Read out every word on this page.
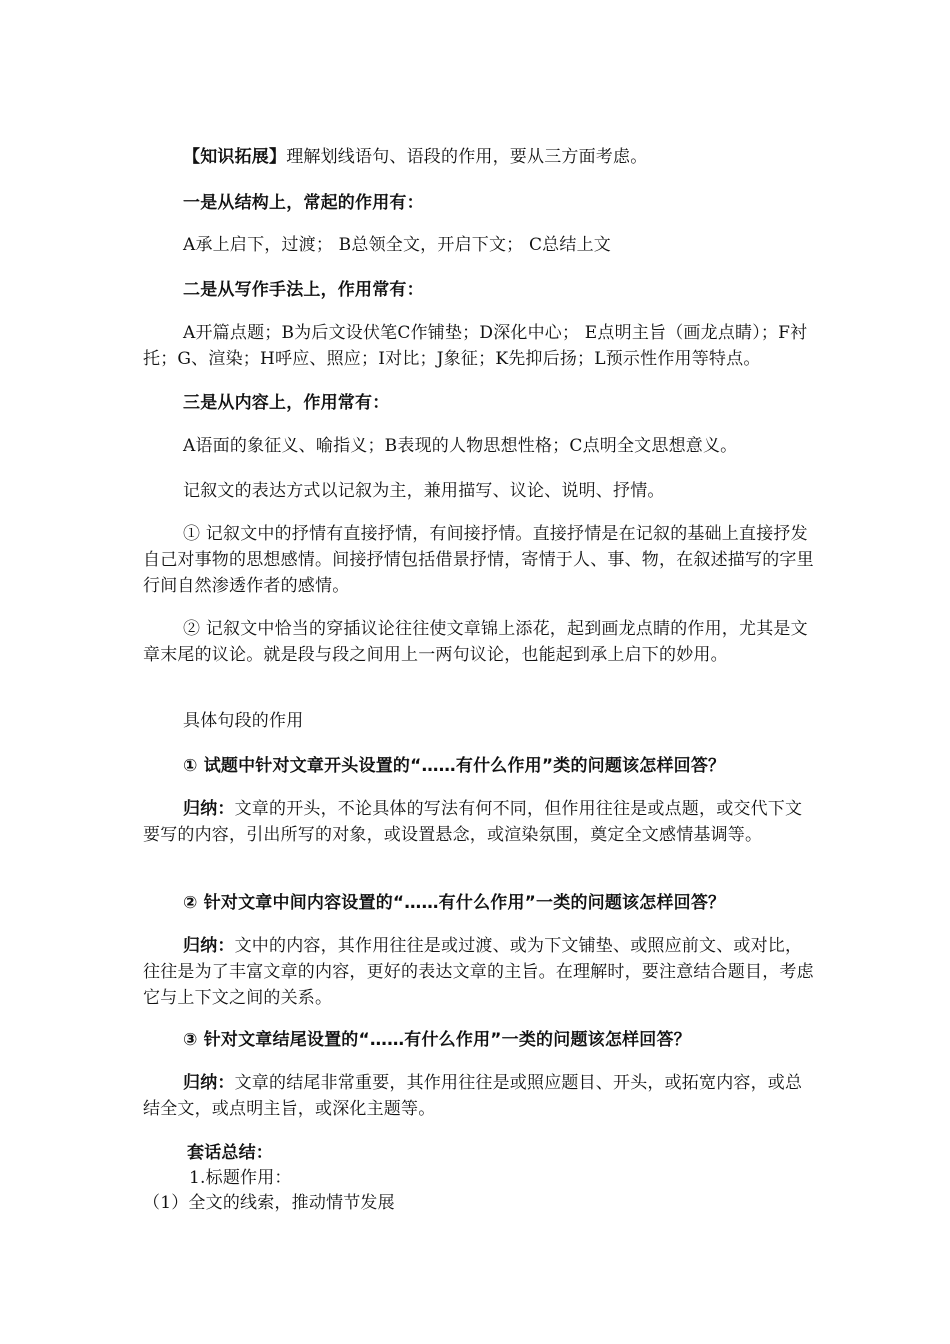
【知识拓展】理解划线语句、语段的作用，要从三方面考虑。
一是从结构上，常起的作用有：
A承上启下，过渡； B总领全文，开启下文； C总结上文
二是从写作手法上，作用常有：
A开篇点题；B为后文设伏笔C作铺垫；D深化中心； E点明主旨（画龙点睛）；F衬托；G、渲染；H呼应、照应；I对比；J象征；K先抑后扬；L预示性作用等特点。
三是从内容上，作用常有：
A语面的象征义、喻指义；B表现的人物思想性格；C点明全文思想意义。
记叙文的表达方式以记叙为主，兼用描写、议论、说明、抒情。
① 记叙文中的抒情有直接抒情，有间接抒情。直接抒情是在记叙的基础上直接抒发自己对事物的思想感情。间接抒情包括借景抒情，寄情于人、事、物，在叙述描写的字里行间自然渗透作者的感情。
② 记叙文中恰当的穿插议论往往使文章锦上添花，起到画龙点睛的作用，尤其是文章末尾的议论。就是段与段之间用上一两句议论，也能起到承上启下的妙用。
具体句段的作用
① 试题中针对文章开头设置的“……有什么作用”类的问题该怎样回答？
归纳：文章的开头，不论具体的写法有何不同，但作用往往是或点题，或交代下文要写的内容，引出所写的对象，或设置悬念，或渲染氛围，奠定全文感情基调等。
② 针对文章中间内容设置的“……有什么作用”一类的问题该怎样回答？
归纳：文中的内容，其作用往往是或过渡、或为下文铺垫、或照应前文、或对比，往往是为了丰富文章的内容，更好的表达文章的主旨。在理解时，要注意结合题目，考虑它与上下文之间的关系。
③ 针对文章结尾设置的“……有什么作用”一类的问题该怎样回答？
归纳：文章的结尾非常重要，其作用往往是或照应题目、开头，或拓宽内容，或总结全文，或点明主旨，或深化主题等。
套话总结：
1.标题作用：
（1）全文的线索，推动情节发展
